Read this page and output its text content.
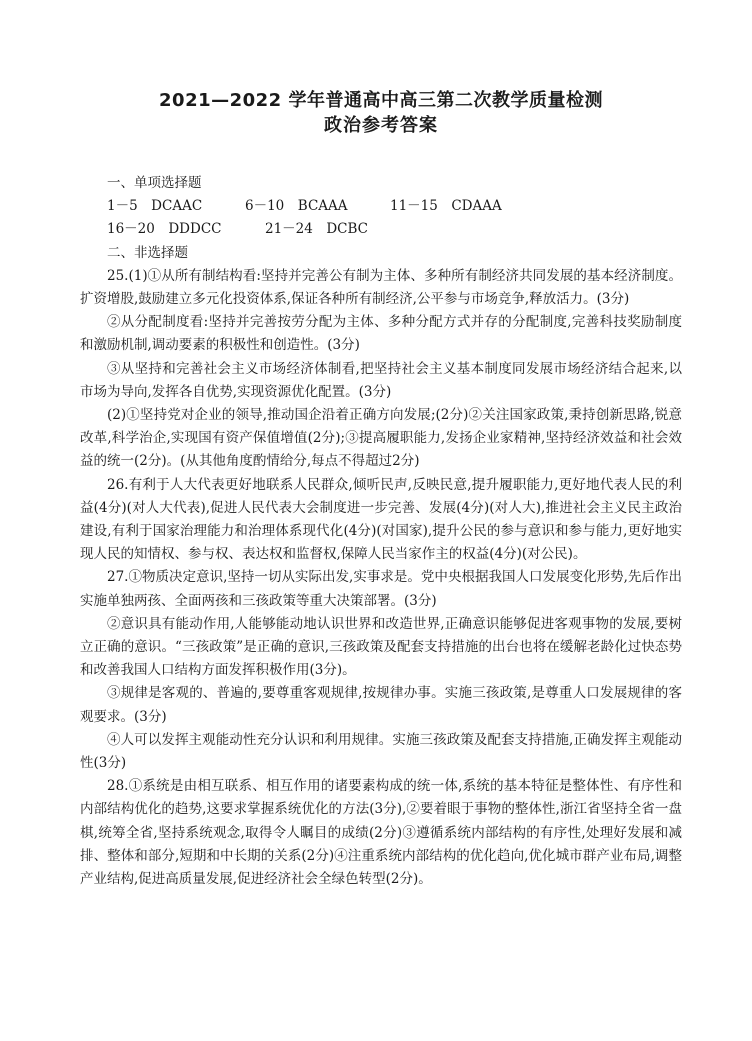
2021—2022 学年普通高中高三第二次教学质量检测

政治参考答案

一、单项选择题

1－5　DCAAC	6－10　BCAAA	11－15　CDAAA

16－20　DDDCC	21－24　DCBC

二、非选择题

25.(1)①从所有制结构看:坚持并完善公有制为主体、多种所有制经济共同发展的基本经济制度。扩资增股,鼓励建立多元化投资体系,保证各种所有制经济,公平参与市场竞争,释放活力。(3分)

②从分配制度看:坚持并完善按劳分配为主体、多种分配方式并存的分配制度,完善科技奖励制度和激励机制,调动要素的积极性和创造性。(3分)

③从坚持和完善社会主义市场经济体制看,把坚持社会主义基本制度同发展市场经济结合起来,以市场为导向,发挥各自优势,实现资源优化配置。(3分)

(2)①坚持党对企业的领导,推动国企沿着正确方向发展;(2分)②关注国家政策,秉持创新思路,锐意改革,科学治企,实现国有资产保值增值(2分);③提高履职能力,发扬企业家精神,坚持经济效益和社会效益的统一(2分)。(从其他角度酌情给分,每点不得超过2分)

26.有利于人大代表更好地联系人民群众,倾听民声,反映民意,提升履职能力,更好地代表人民的利益(4分)(对人大代表),促进人民代表大会制度进一步完善、发展(4分)(对人大),推进社会主义民主政治建设,有利于国家治理能力和治理体系现代化(4分)(对国家),提升公民的参与意识和参与能力,更好地实现人民的知情权、参与权、表达权和监督权,保障人民当家作主的权益(4分)(对公民)。

27.①物质决定意识,坚持一切从实际出发,实事求是。党中央根据我国人口发展变化形势,先后作出实施单独两孩、全面两孩和三孩政策等重大决策部署。(3分)

②意识具有能动作用,人能够能动地认识世界和改造世界,正确意识能够促进客观事物的发展,要树立正确的意识。“三孩政策”是正确的意识,三孩政策及配套支持措施的出台也将在缓解老龄化过快态势和改善我国人口结构方面发挥积极作用(3分)。

③规律是客观的、普遍的,要尊重客观规律,按规律办事。实施三孩政策,是尊重人口发展规律的客观要求。(3分)

④人可以发挥主观能动性充分认识和利用规律。实施三孩政策及配套支持措施,正确发挥主观能动性(3分)

28.①系统是由相互联系、相互作用的诸要素构成的统一体,系统的基本特征是整体性、有序性和内部结构优化的趋势,这要求掌握系统优化的方法(3分),②要着眼于事物的整体性,浙江省坚持全省一盘棋,统筹全省,坚持系统观念,取得令人瞩目的成绩(2分)③遵循系统内部结构的有序性,处理好发展和减排、整体和部分,短期和中长期的关系(2分)④注重系统内部结构的优化趋向,优化城市群产业布局,调整产业结构,促进高质量发展,促进经济社会全绿色转型(2分)。
